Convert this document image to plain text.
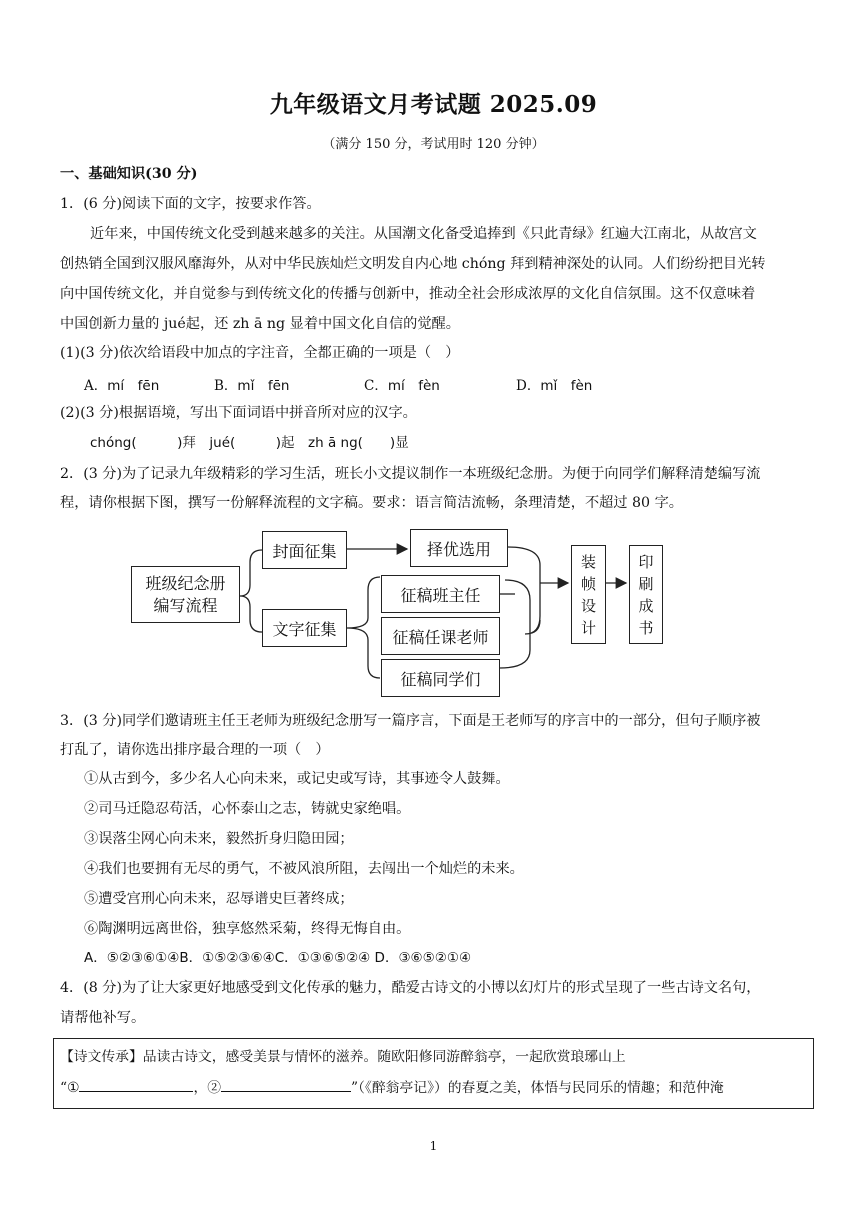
九年级语文月考试题 2025.09
（满分 150 分，考试用时 120 分钟）
一、基础知识(30 分)
1．(6 分)阅读下面的文字，按要求作答。
近年来，中国传统文化受到越来越多的关注。从国潮文化备受追捧到《只此青绿》红遍大江南北，从故宫文
创热销全国到汉服风靡海外，从对中华民族灿烂文明发自内心地 chóng 拜到精神深处的认同。人们纷纷把目光转
向中国传统文化，并自觉参与到传统文化的传播与创新中，推动全社会形成浓厚的文化自信氛围。这不仅意味着
中国创新力量的 jué起，还 zh ā ng 显着中国文化自信的觉醒。
(1)(3 分)依次给语段中加点的字注音，全都正确的一项是（　）
A．mí　fēn	B．mǐ　fēn	C．mí　fèn	D．mǐ　fèn
(2)(3 分)根据语境，写出下面词语中拼音所对应的汉字。
chóng(　　　)拜　jué(　　　)起　zh ā ng(　　)显
2．(3 分)为了记录九年级精彩的学习生活，班长小文提议制作一本班级纪念册。为便于向同学们解释清楚编写流
程，请你根据下图，撰写一份解释流程的文字稿。要求：语言简洁流畅，条理清楚，不超过 80 字。
班级纪念册
编写流程
封面征集	择优选用
文字征集
征稿班主任
征稿任课老师
征稿同学们
装
帧
设
计
印
刷
成
书
3．(3 分)同学们邀请班主任王老师为班级纪念册写一篇序言，下面是王老师写的序言中的一部分，但句子顺序被
打乱了，请你选出排序最合理的一项（　）
①从古到今，多少名人心向未来，或记史或写诗，其事迹令人鼓舞。
②司马迁隐忍苟活，心怀泰山之志，铸就史家绝唱。
③误落尘网心向未来，毅然折身归隐田园；
④我们也要拥有无尽的勇气，不被风浪所阻，去闯出一个灿烂的未来。
⑤遭受宫刑心向未来，忍辱谱史巨著终成；
⑥陶渊明远离世俗，独享悠然采菊，终得无悔自由。
A．⑤②③⑥①④B．①⑤②③⑥④C．①③⑥⑤②④ D．③⑥⑤②①④
4．(8 分)为了让大家更好地感受到文化传承的魅力，酷爱古诗文的小博以幻灯片的形式呈现了一些古诗文名句，
请帮他补写。
【诗文传承】品读古诗文，感受美景与情怀的滋养。随欧阳修同游醉翁亭，一起欣赏琅琊山上
“①	，②	”（《醉翁亭记》）的春夏之美，体悟与民同乐的情趣；和范仲淹
1
